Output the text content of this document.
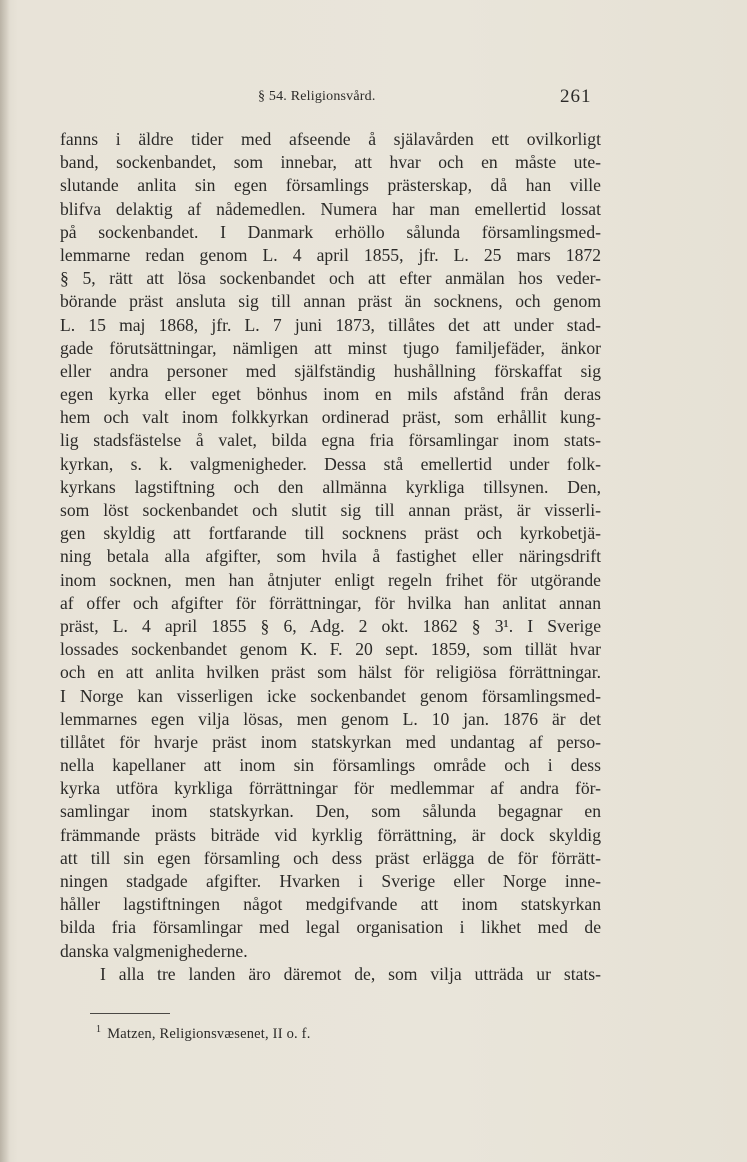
§ 54. Religionsvård.	261
fanns i äldre tider med afseende å själavården ett ovilkorligt
band, sockenbandet, som innebar, att hvar och en måste ute-
slutande anlita sin egen församlings prästerskap, då han ville
blifva delaktig af nådemedlen. Numera har man emellertid lossat
på sockenbandet. I Danmark erhöllo sålunda församlingsmed-
lemmarne redan genom L. 4 april 1855, jfr. L. 25 mars 1872
§ 5, rätt att lösa sockenbandet och att efter anmälan hos veder-
börande präst ansluta sig till annan präst än socknens, och genom
L. 15 maj 1868, jfr. L. 7 juni 1873, tillåtes det att under stad-
gade förutsättningar, nämligen att minst tjugo familjefäder, änkor
eller andra personer med själfständig hushållning förskaffat sig
egen kyrka eller eget bönhus inom en mils afstånd från deras
hem och valt inom folkkyrkan ordinerad präst, som erhållit kung-
lig stadsfästelse å valet, bilda egna fria församlingar inom stats-
kyrkan, s. k. valgmenigheder. Dessa stå emellertid under folk-
kyrkans lagstiftning och den allmänna kyrkliga tillsynen. Den,
som löst sockenbandet och slutit sig till annan präst, är visserli-
gen skyldig att fortfarande till socknens präst och kyrkobetjä-
ning betala alla afgifter, som hvila å fastighet eller näringsdrift
inom socknen, men han åtnjuter enligt regeln frihet för utgörande
af offer och afgifter för förrättningar, för hvilka han anlitat annan
präst, L. 4 april 1855 § 6, Adg. 2 okt. 1862 § 3¹. I Sverige
lossades sockenbandet genom K. F. 20 sept. 1859, som tillät hvar
och en att anlita hvilken präst som hälst för religiösa förrättningar.
I Norge kan visserligen icke sockenbandet genom församlingsmed-
lemmarnes egen vilja lösas, men genom L. 10 jan. 1876 är det
tillåtet för hvarje präst inom statskyrkan med undantag af perso-
nella kapellaner att inom sin församlings område och i dess
kyrka utföra kyrkliga förrättningar för medlemmar af andra för-
samlingar inom statskyrkan. Den, som sålunda begagnar en
främmande prästs biträde vid kyrklig förrättning, är dock skyldig
att till sin egen församling och dess präst erlägga de för förrätt-
ningen stadgade afgifter. Hvarken i Sverige eller Norge inne-
håller lagstiftningen något medgifvande att inom statskyrkan
bilda fria församlingar med legal organisation i likhet med de
danska valgmenighederne.
I alla tre landen äro däremot de, som vilja utträda ur stats-
$^1$ Matzen, Religionsvæsenet, II o. f.
